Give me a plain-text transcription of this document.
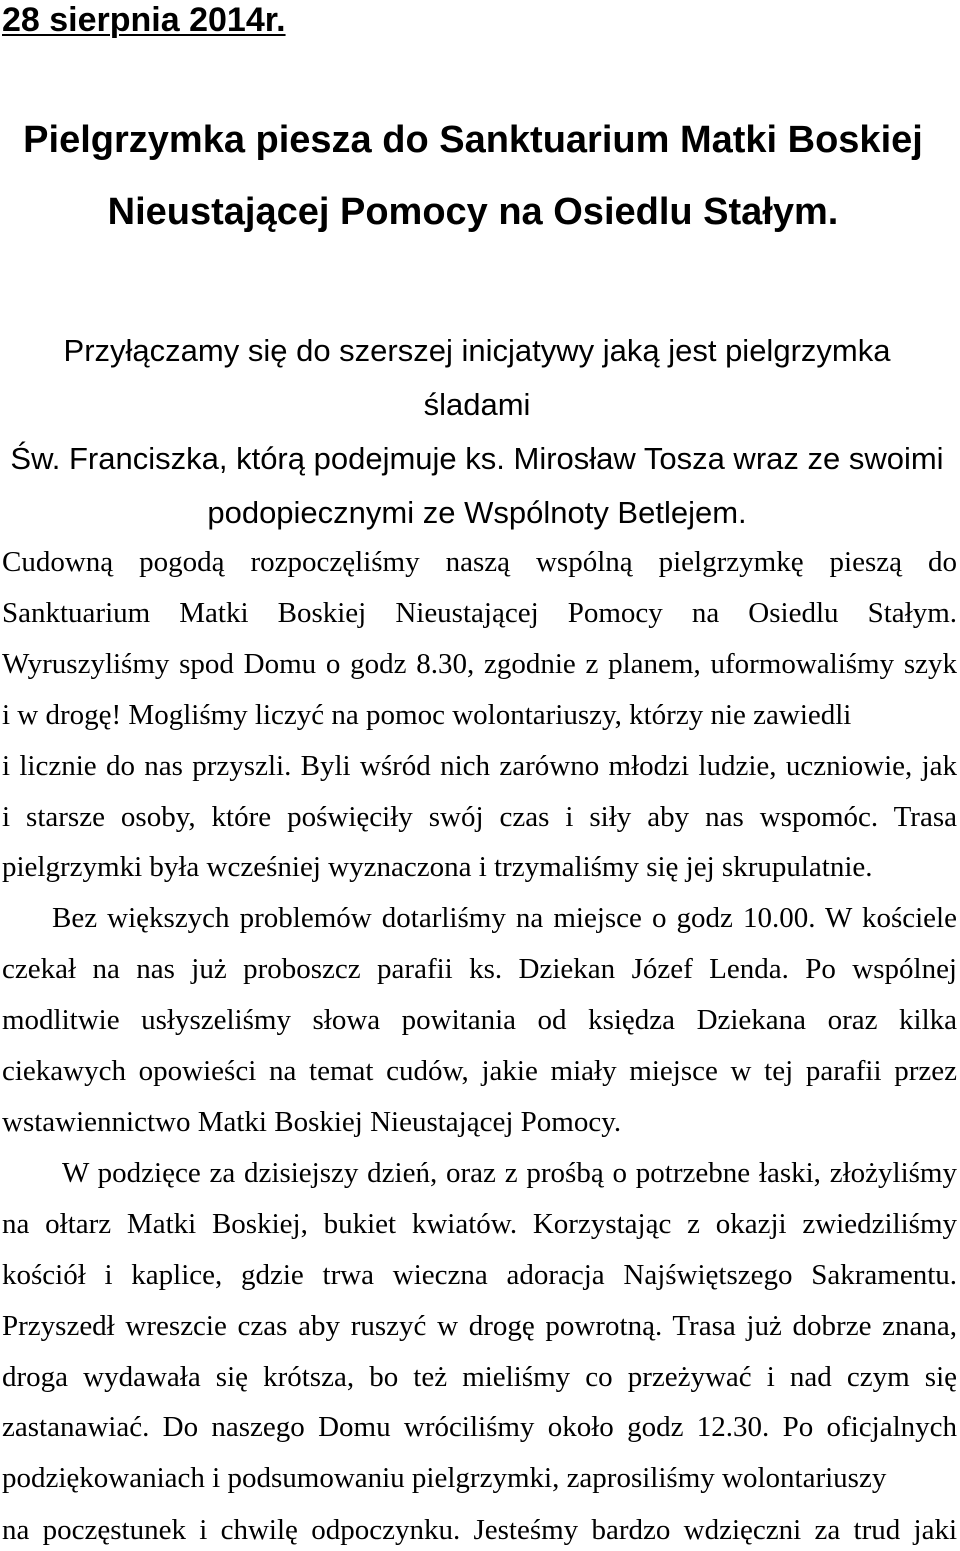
28 sierpnia 2014r.
Pielgrzymka piesza do Sanktuarium Matki Boskiej
Nieustającej Pomocy na Osiedlu Stałym.
Przyłączamy się do szerszej inicjatywy jaką jest pielgrzymka
śladami
Św. Franciszka, którą podejmuje ks. Mirosław Tosza wraz ze swoimi
podopiecznymi ze Wspólnoty Betlejem.
Cudowną pogodą rozpoczęliśmy naszą wspólną pielgrzymkę pieszą do
Sanktuarium Matki Boskiej Nieustającej Pomocy na Osiedlu Stałym.
Wyruszyliśmy spod Domu o godz 8.30, zgodnie z planem, uformowaliśmy szyk
i w drogę! Mogliśmy liczyć na pomoc wolontariuszy, którzy nie zawiedli
i licznie do nas przyszli. Byli wśród nich zarówno młodzi ludzie, uczniowie, jak
i starsze osoby, które poświęciły swój czas i siły aby nas wspomóc. Trasa
pielgrzymki była wcześniej wyznaczona i trzymaliśmy się jej skrupulatnie.
Bez większych problemów dotarliśmy na miejsce o godz 10.00. W kościele
czekał na nas już proboszcz parafii ks. Dziekan Józef Lenda. Po wspólnej
modlitwie usłyszeliśmy słowa powitania od księdza Dziekana oraz kilka
ciekawych opowieści na temat cudów, jakie miały miejsce w tej parafii przez
wstawiennictwo Matki Boskiej Nieustającej Pomocy.
W podzięce za dzisiejszy dzień, oraz z prośbą o potrzebne łaski, złożyliśmy
na ołtarz Matki Boskiej, bukiet kwiatów. Korzystając z okazji zwiedziliśmy
kościół i kaplice, gdzie trwa wieczna adoracja Najświętszego Sakramentu.
Przyszedł wreszcie czas aby ruszyć w drogę powrotną. Trasa już dobrze znana,
droga wydawała się krótsza, bo też mieliśmy co przeżywać i nad czym się
zastanawiać. Do naszego Domu wróciliśmy około godz 12.30. Po oficjalnych
podziękowaniach i podsumowaniu pielgrzymki, zaprosiliśmy wolontariuszy
na poczęstunek i chwilę odpoczynku. Jesteśmy bardzo wdzięczni za trud jaki
